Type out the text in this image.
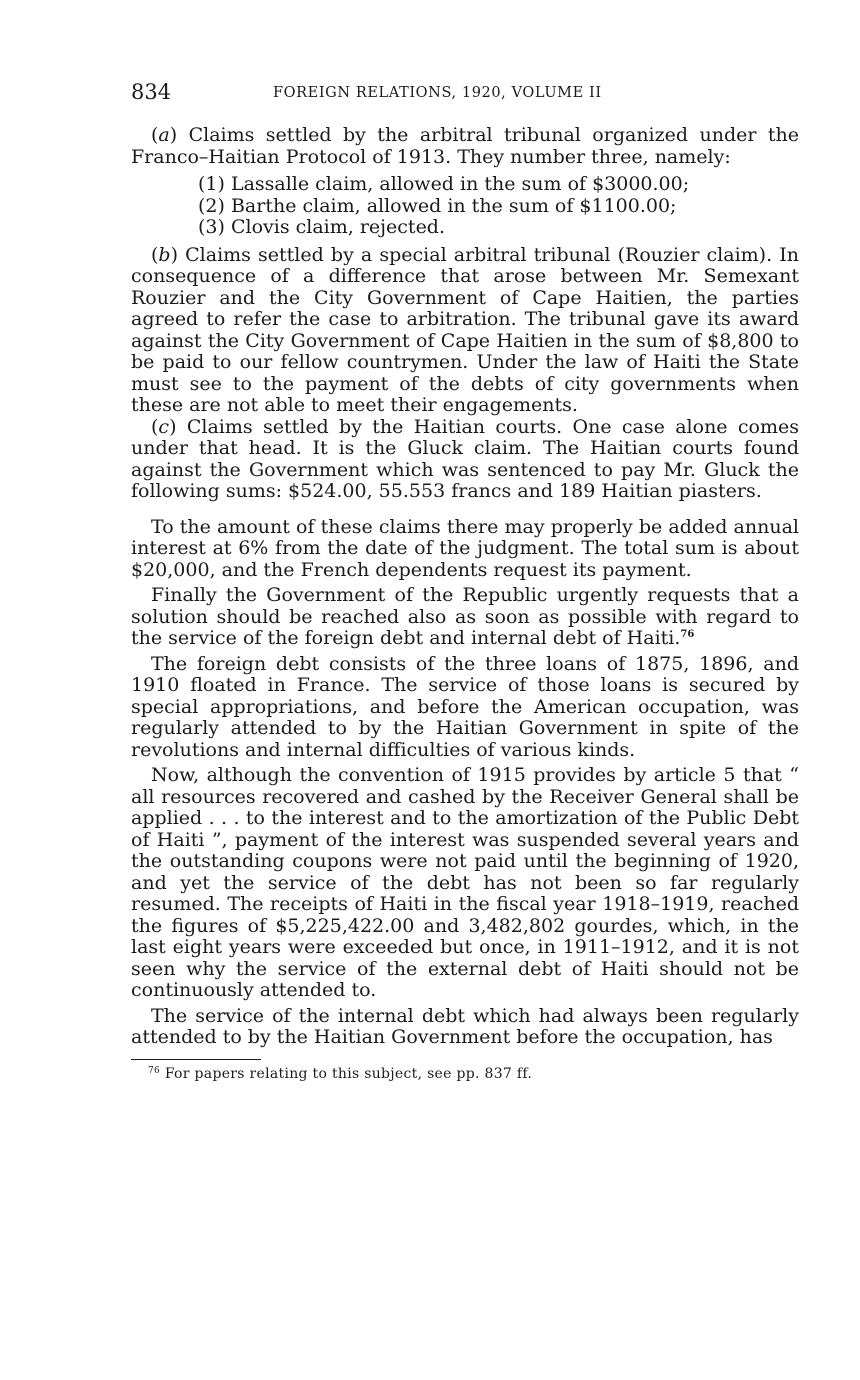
834	FOREIGN RELATIONS, 1920, VOLUME II

(a) Claims settled by the arbitral tribunal organized under the Franco–Haitian Protocol of 1913. They number three, namely:

(1) Lassalle claim, allowed in the sum of $3000.00;
(2) Barthe claim, allowed in the sum of $1100.00;
(3) Clovis claim, rejected.

(b) Claims settled by a special arbitral tribunal (Rouzier claim). In consequence of a difference that arose between Mr. Semexant Rouzier and the City Government of Cape Haitien, the parties agreed to refer the case to arbitration. The tribunal gave its award against the City Government of Cape Haitien in the sum of $8,800 to be paid to our fellow countrymen. Under the law of Haiti the State must see to the payment of the debts of city governments when these are not able to meet their engagements.

(c) Claims settled by the Haitian courts. One case alone comes under that head. It is the Gluck claim. The Haitian courts found against the Government which was sentenced to pay Mr. Gluck the following sums: $524.00, 55.553 francs and 189 Haitian piasters.

To the amount of these claims there may properly be added annual interest at 6% from the date of the judgment. The total sum is about $20,000, and the French dependents request its payment.

Finally the Government of the Republic urgently requests that a solution should be reached also as soon as possible with regard to the service of the foreign debt and internal debt of Haiti.$^{76}$

The foreign debt consists of the three loans of 1875, 1896, and 1910 floated in France. The service of those loans is secured by special appropriations, and before the American occupation, was regularly attended to by the Haitian Government in spite of the revolutions and internal difficulties of various kinds.

Now, although the convention of 1915 provides by article 5 that “ all resources recovered and cashed by the Receiver General shall be applied . . . to the interest and to the amortization of the Public Debt of Haiti ”, payment of the interest was suspended several years and the outstanding coupons were not paid until the beginning of 1920, and yet the service of the debt has not been so far regularly resumed. The receipts of Haiti in the fiscal year 1918–1919, reached the figures of $5,225,422.00 and 3,482,802 gourdes, which, in the last eight years were exceeded but once, in 1911–1912, and it is not seen why the service of the external debt of Haiti should not be continuously attended to.

The service of the internal debt which had always been regularly attended to by the Haitian Government before the occupation, has

$^{76}$ For papers relating to this subject, see pp. 837 ff.
